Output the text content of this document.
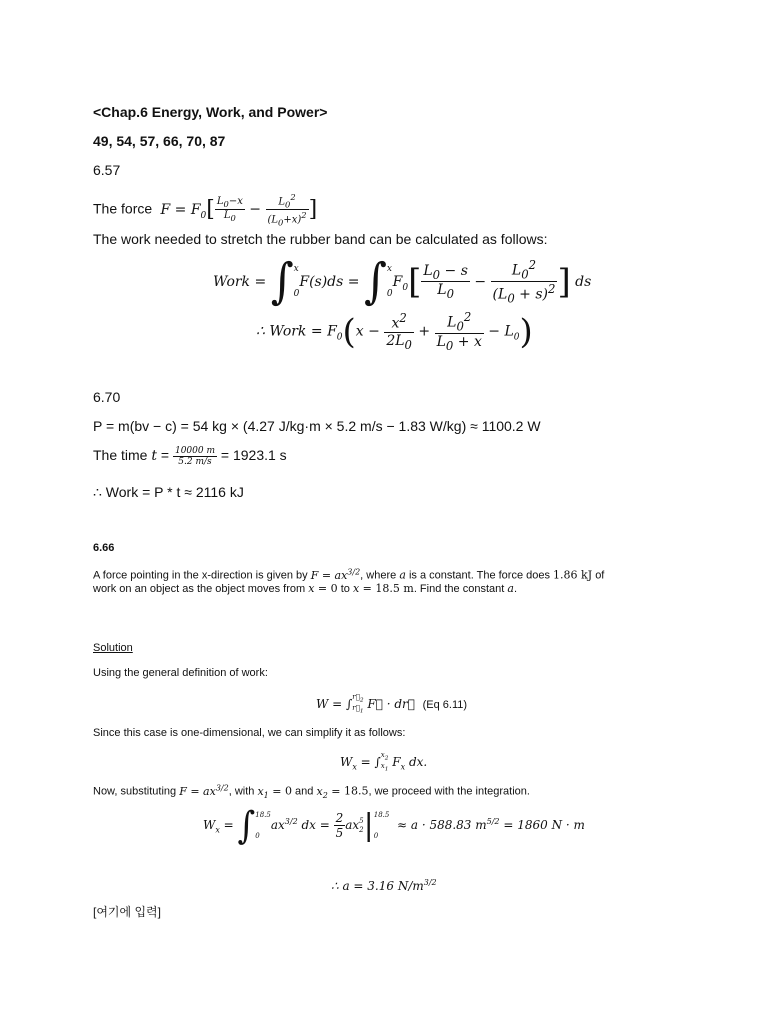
<Chap.6 Energy, Work, and Power>
49, 54, 57, 66, 70, 87
6.57
The force  $F = F_0[ \frac{L_0-x}{L_0} - \frac{L_0^2}{(L_0+x)^2}$ ]
The work needed to stretch the rubber band can be calculated as follows:
Work = ∫ x
0
F(s)ds = ∫ x
0
$F_0[ \frac{L_0 - s}{L_0} - \frac{L_0^2}{(L_0 + s)^2}$ ] ds
∴ Work = $F_0(x - \frac{x^2}{2L_0} + \frac{L_0^2}{L_0 + x} - L_0)$
6.70
P = m(bv − c) = 54 kg × (4.27 J/kg·m × 5.2 m/s − 1.83 W/kg) ≈ 1100.2 W
The time $t = \frac{10000 m}{5.2 m/s} = 1923.1$ s
∴ Work = P * t ≈ 2116 kJ
6.66
A force pointing in the x-direction is given by $F = ax^{3/2}$, where a is a constant. The force does 1.86 kJ of
work on an object as the object moves from x = 0 to x = 18.5 m. Find the constant a.
Solution
Using the general definition of work:
W = ∫ $r⃗_2$
$r⃗_1$
F⃗ · dr⃗  (Eq 6.11)
Since this case is one-dimensional, we can simplify it as follows:
$W_x$ = ∫ $x_2$
$x_1$
$F_x$ dx.
Now, substituting $F = ax^{3/2}$, with $x_1 = 0$ and $x_2 = 18.5$, we proceed with the integration.
$W_x$ = ∫ 18.5
0
$ax^{3/2}$ dx = $\frac{2}{5}$ ax 5
2 | 18.5
0
≈ a · 588.83 $m^{5/2} = 1860$ N · m
∴ a = 3.16 $N/m^{3/2}$
[여기에 입력]
